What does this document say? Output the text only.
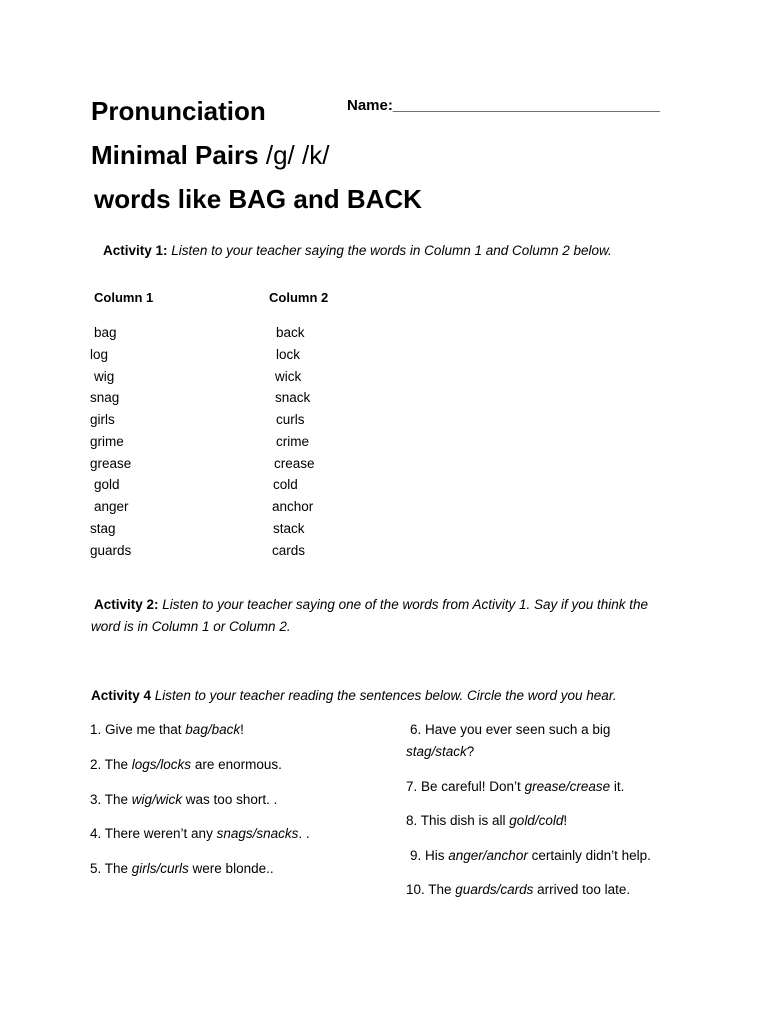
Pronunciation	Name:________________________________
Minimal Pairs /g/ /k/
words like BAG and BACK
Activity 1: Listen to your teacher saying the words in Column 1 and Column 2 below.
Column 1	Column 2
bag
log
wig
snag
girls
grime
grease
gold
anger
stag
guards
back
lock
wick
snack
curls
crime
crease
cold
anchor
stack
cards
Activity 2: Listen to your teacher saying one of the words from Activity 1. Say if you think the
word is in Column 1 or Column 2.
Activity 4 Listen to your teacher reading the sentences below. Circle the word you hear.
1. Give me that bag/back!
2. The logs/locks are enormous.
3. The wig/wick was too short. .
4. There weren’t any snags/snacks. .
5. The girls/curls were blonde..
6. Have you ever seen such a big
stag/stack?
7. Be careful! Don’t grease/crease it.
8. This dish is all gold/cold!
9. His anger/anchor certainly didn’t help.
10. The guards/cards arrived too late.
